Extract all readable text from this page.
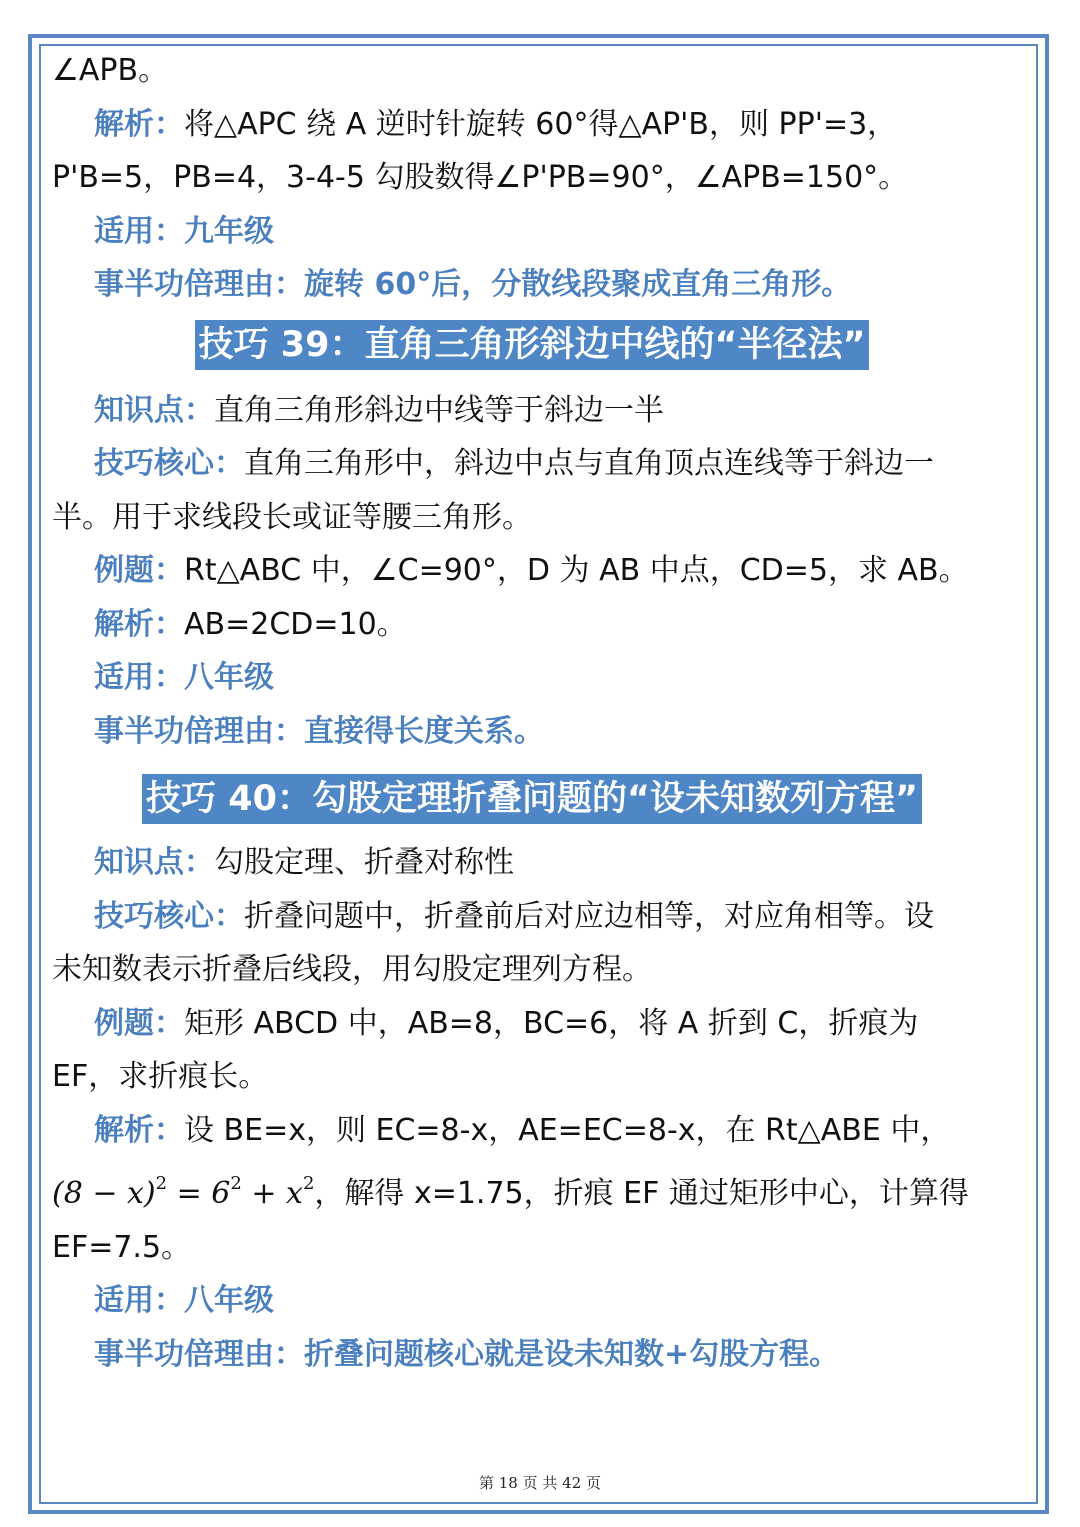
∠APB。

解析：将△APC 绕 A 逆时针旋转 60°得△AP'B，则 PP'=3，

P'B=5，PB=4，3-4-5 勾股数得∠P'PB=90°，∠APB=150°。

适用：九年级

事半功倍理由：旋转 60°后，分散线段聚成直角三角形。

技巧 39：直角三角形斜边中线的“半径法”

知识点：直角三角形斜边中线等于斜边一半

技巧核心：直角三角形中，斜边中点与直角顶点连线等于斜边一

半。用于求线段长或证等腰三角形。

例题：Rt△ABC 中，∠C=90°，D 为 AB 中点，CD=5，求 AB。

解析：AB=2CD=10。

适用：八年级

事半功倍理由：直接得长度关系。

技巧 40：勾股定理折叠问题的“设未知数列方程”

知识点：勾股定理、折叠对称性

技巧核心：折叠问题中，折叠前后对应边相等，对应角相等。设

未知数表示折叠后线段，用勾股定理列方程。

例题：矩形 ABCD 中，AB=8，BC=6，将 A 折到 C，折痕为

EF，求折痕长。

解析：设 BE=x，则 EC=8-x，AE=EC=8-x，在 Rt△ABE 中，

$(8 - x)^2 = 6^2 + x^2$，解得 x=1.75，折痕 EF 通过矩形中心，计算得

EF=7.5。

适用：八年级

事半功倍理由：折叠问题核心就是设未知数+勾股方程。

第 18 页 共 42 页
